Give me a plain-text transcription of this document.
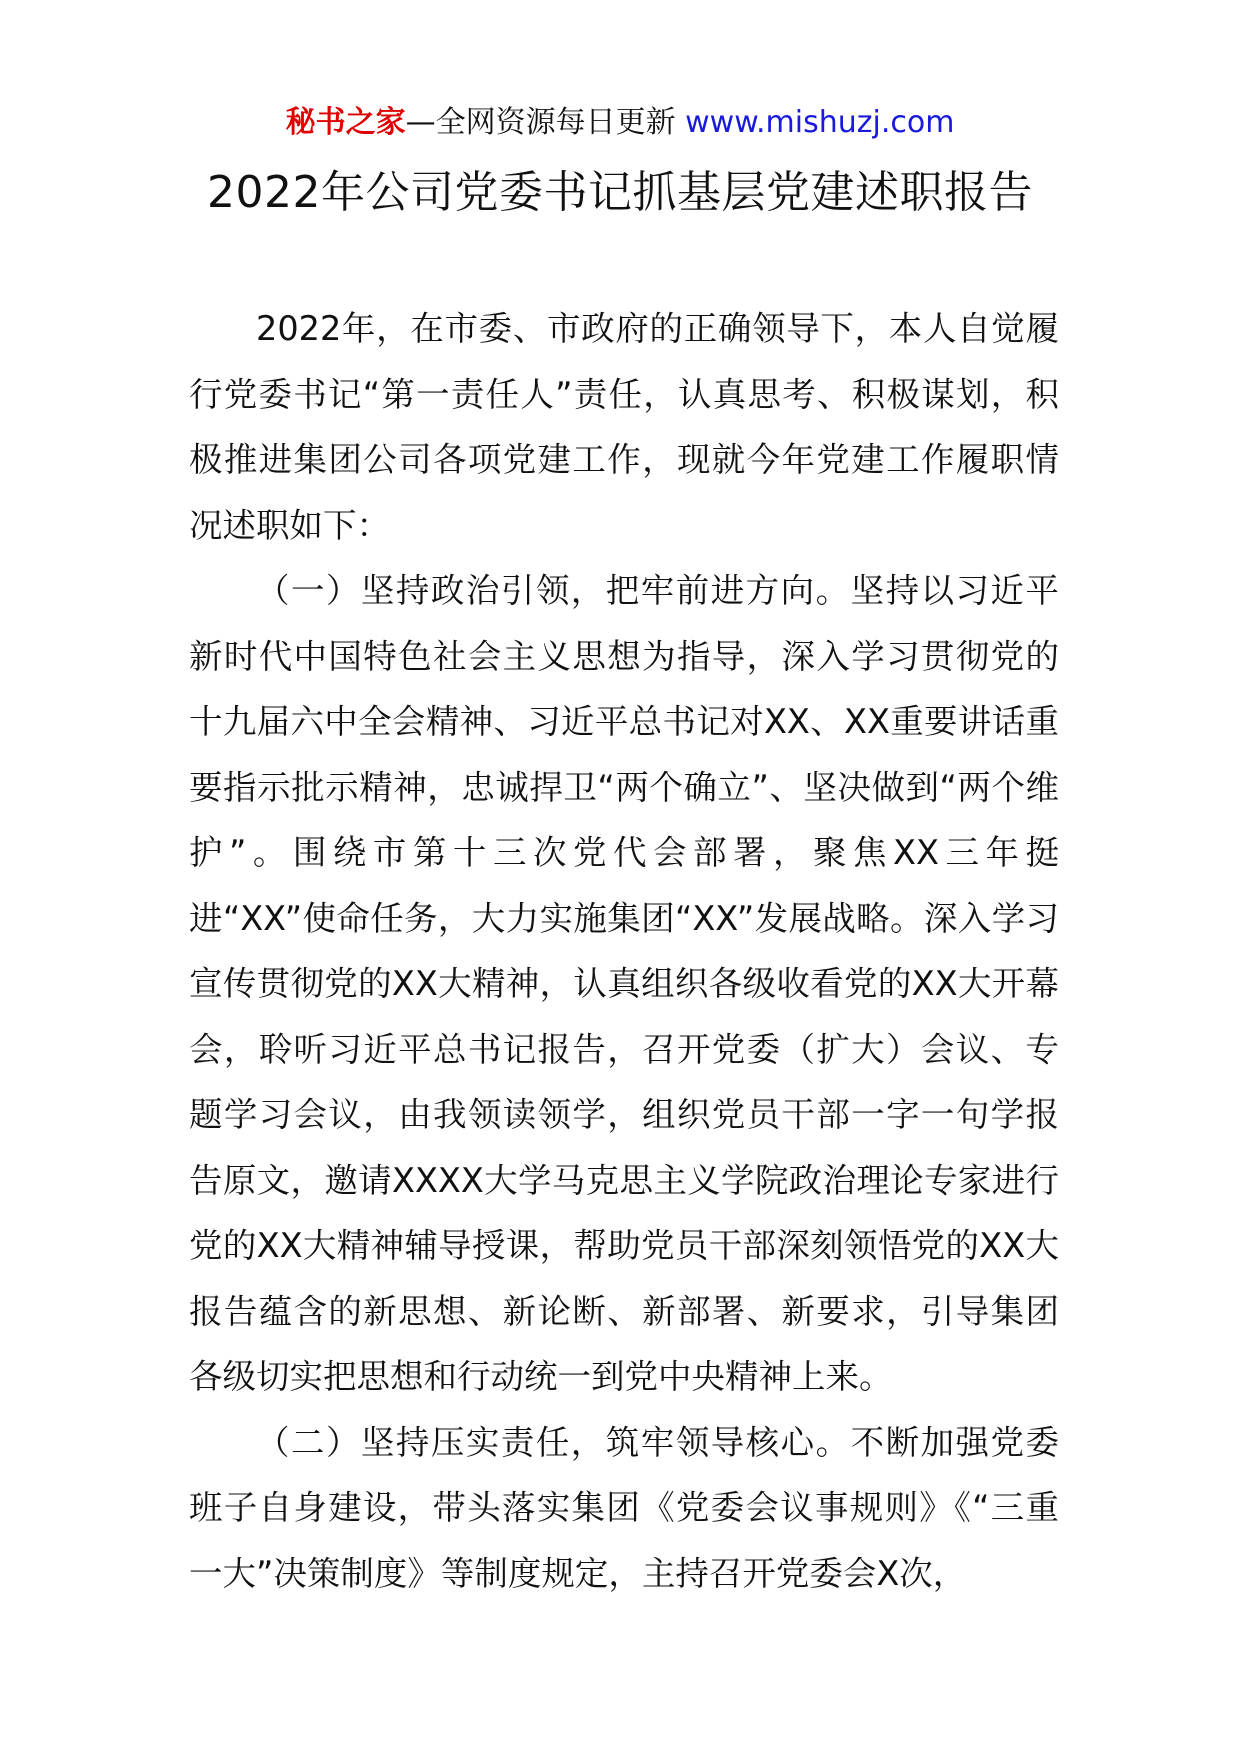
秘书之家—全网资源每日更新 www.mishuzj.com
2022年公司党委书记抓基层党建述职报告

2022年，在市委、市政府的正确领导下，本人自觉履行党委书记“第一责任人”责任，认真思考、积极谋划，积极推进集团公司各项党建工作，现就今年党建工作履职情况述职如下：

（一）坚持政治引领，把牢前进方向。坚持以习近平新时代中国特色社会主义思想为指导，深入学习贯彻党的十九届六中全会精神、习近平总书记对XX、XX重要讲话重要指示批示精神，忠诚捍卫“两个确立”、坚决做到“两个维护”。围绕市第十三次党代会部署，聚焦XX三年挺进“XX”使命任务，大力实施集团“XX”发展战略。深入学习宣传贯彻党的XX大精神，认真组织各级收看党的XX大开幕会，聆听习近平总书记报告，召开党委（扩大）会议、专题学习会议，由我领读领学，组织党员干部一字一句学报告原文，邀请XXXX大学马克思主义学院政治理论专家进行党的XX大精神辅导授课，帮助党员干部深刻领悟党的XX大报告蕴含的新思想、新论断、新部署、新要求，引导集团各级切实把思想和行动统一到党中央精神上来。

（二）坚持压实责任，筑牢领导核心。不断加强党委班子自身建设，带头落实集团《党委会议事规则》《“三重一大”决策制度》等制度规定，主持召开党委会X次，
